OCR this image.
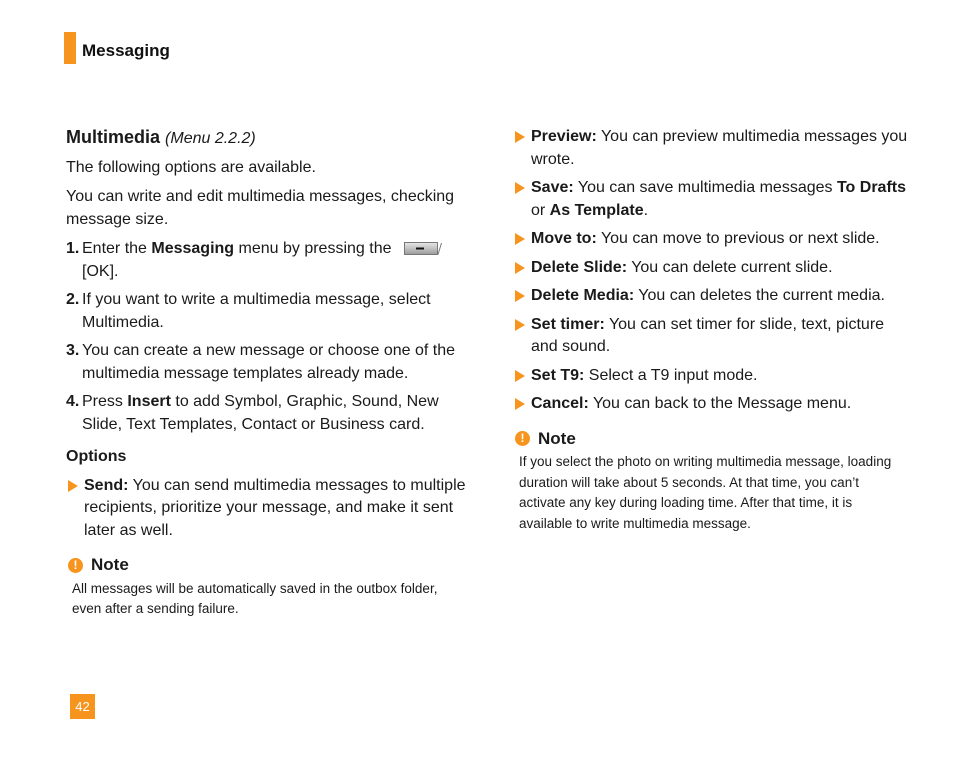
Messaging
Multimedia (Menu 2.2.2)

The following options are available.

You can write and edit multimedia messages, checking message size.

1. Enter the Messaging menu by pressing the
[OK].
2. If you want to write a multimedia message, select Multimedia.
3. You can create a new message or choose one of the multimedia message templates already made.
4. Press Insert to add Symbol, Graphic, Sound, New Slide, Text Templates, Contact or Business card.
Options
Send: You can send multimedia messages to multiple recipients, prioritize your message, and make it sent later as well.
! Note
All messages will be automatically saved in the outbox folder, even after a sending failure.
Preview: You can preview multimedia messages you wrote.
Save: You can save multimedia messages To Drafts or As Template.
Move to: You can move to previous or next slide.
Delete Slide: You can delete current slide.
Delete Media: You can deletes the current media.
Set timer: You can set timer for slide, text, picture and sound.
Set T9: Select a T9 input mode.
Cancel: You can back to the Message menu.
! Note
If you select the photo on writing multimedia message, loading duration will take about 5 seconds. At that time, you can’t activate any key during loading time. After that time, it is available to write multimedia message.
42
